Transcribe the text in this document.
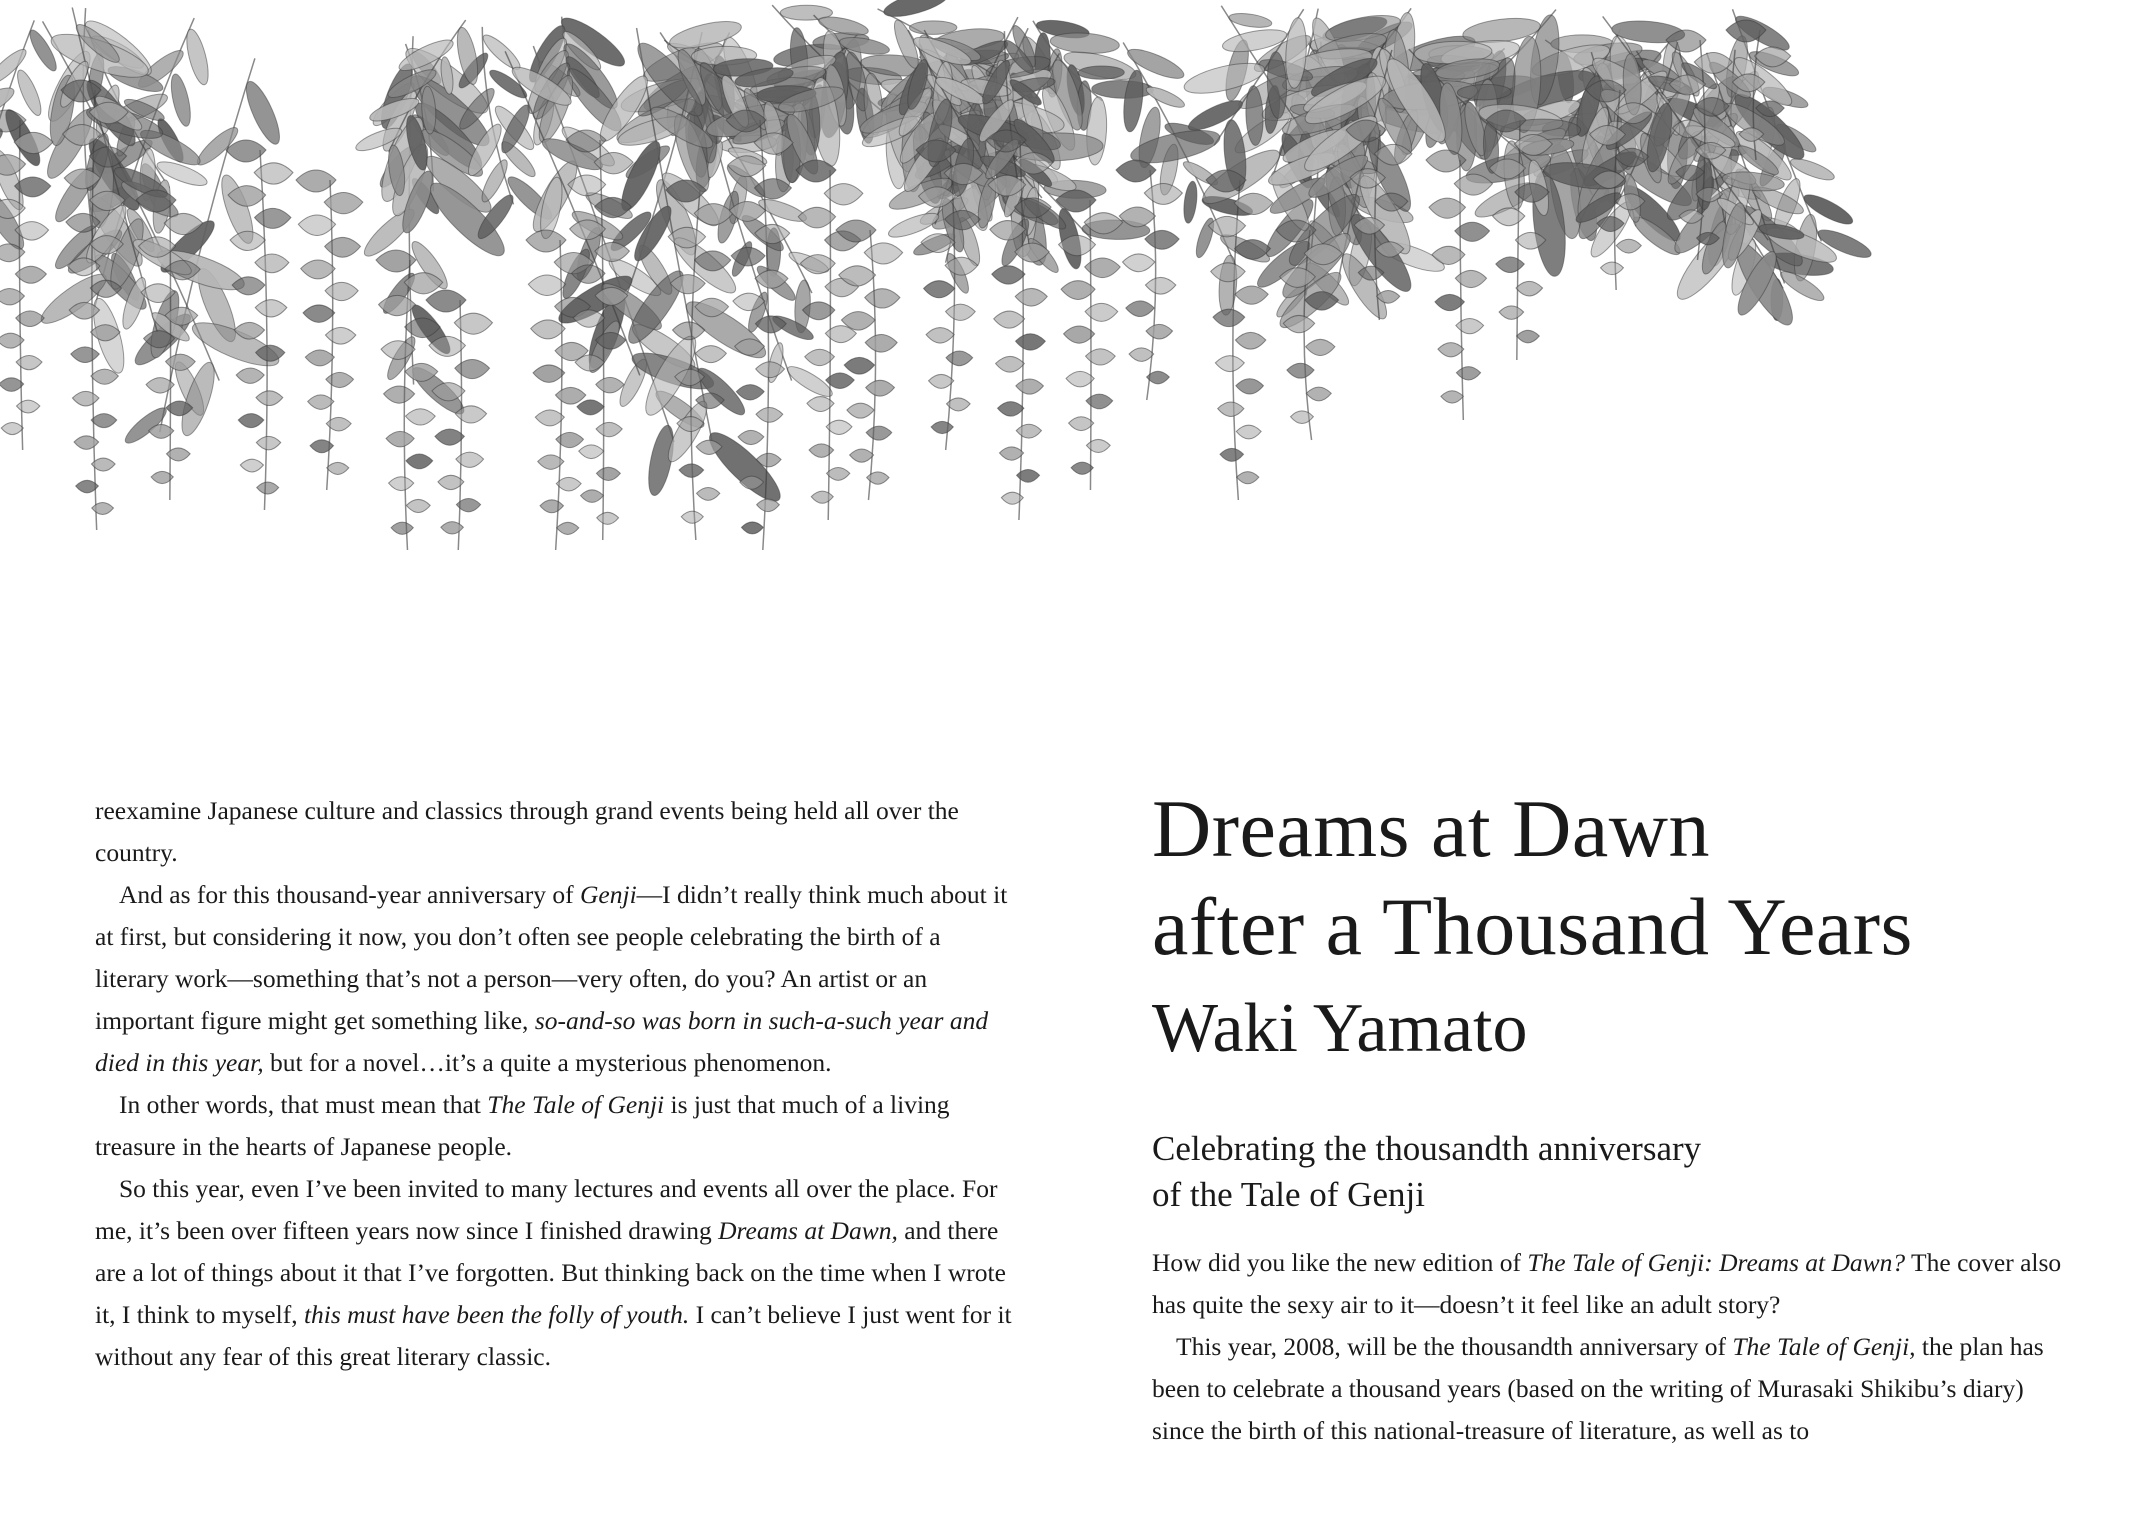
reexamine Japanese culture and classics through grand events being held all over the country.

And as for this thousand-year anniversary of Genji—I didn’t really think much about it at first, but considering it now, you don’t often see people celebrating the birth of a literary work—something that’s not a person—very often, do you? An artist or an important figure might get something like, so-and-so was born in such-a-such year and died in this year, but for a novel…it’s a quite a mysterious phenomenon.

In other words, that must mean that The Tale of Genji is just that much of a living treasure in the hearts of Japanese people.

So this year, even I’ve been invited to many lectures and events all over the place. For me, it’s been over fifteen years now since I finished drawing Dreams at Dawn, and there are a lot of things about it that I’ve forgotten. But thinking back on the time when I wrote it, I think to myself, this must have been the folly of youth. I can’t believe I just went for it without any fear of this great literary classic.

Dreams at Dawn
after a Thousand Years
Waki Yamato
Celebrating the thousandth anniversary
of the Tale of Genji

How did you like the new edition of The Tale of Genji: Dreams at Dawn? The cover also has quite the sexy air to it—doesn’t it feel like an adult story?

This year, 2008, will be the thousandth anniversary of The Tale of Genji, the plan has been to celebrate a thousand years (based on the writing of Murasaki Shikibu’s diary) since the birth of this national-treasure of literature, as well as to
